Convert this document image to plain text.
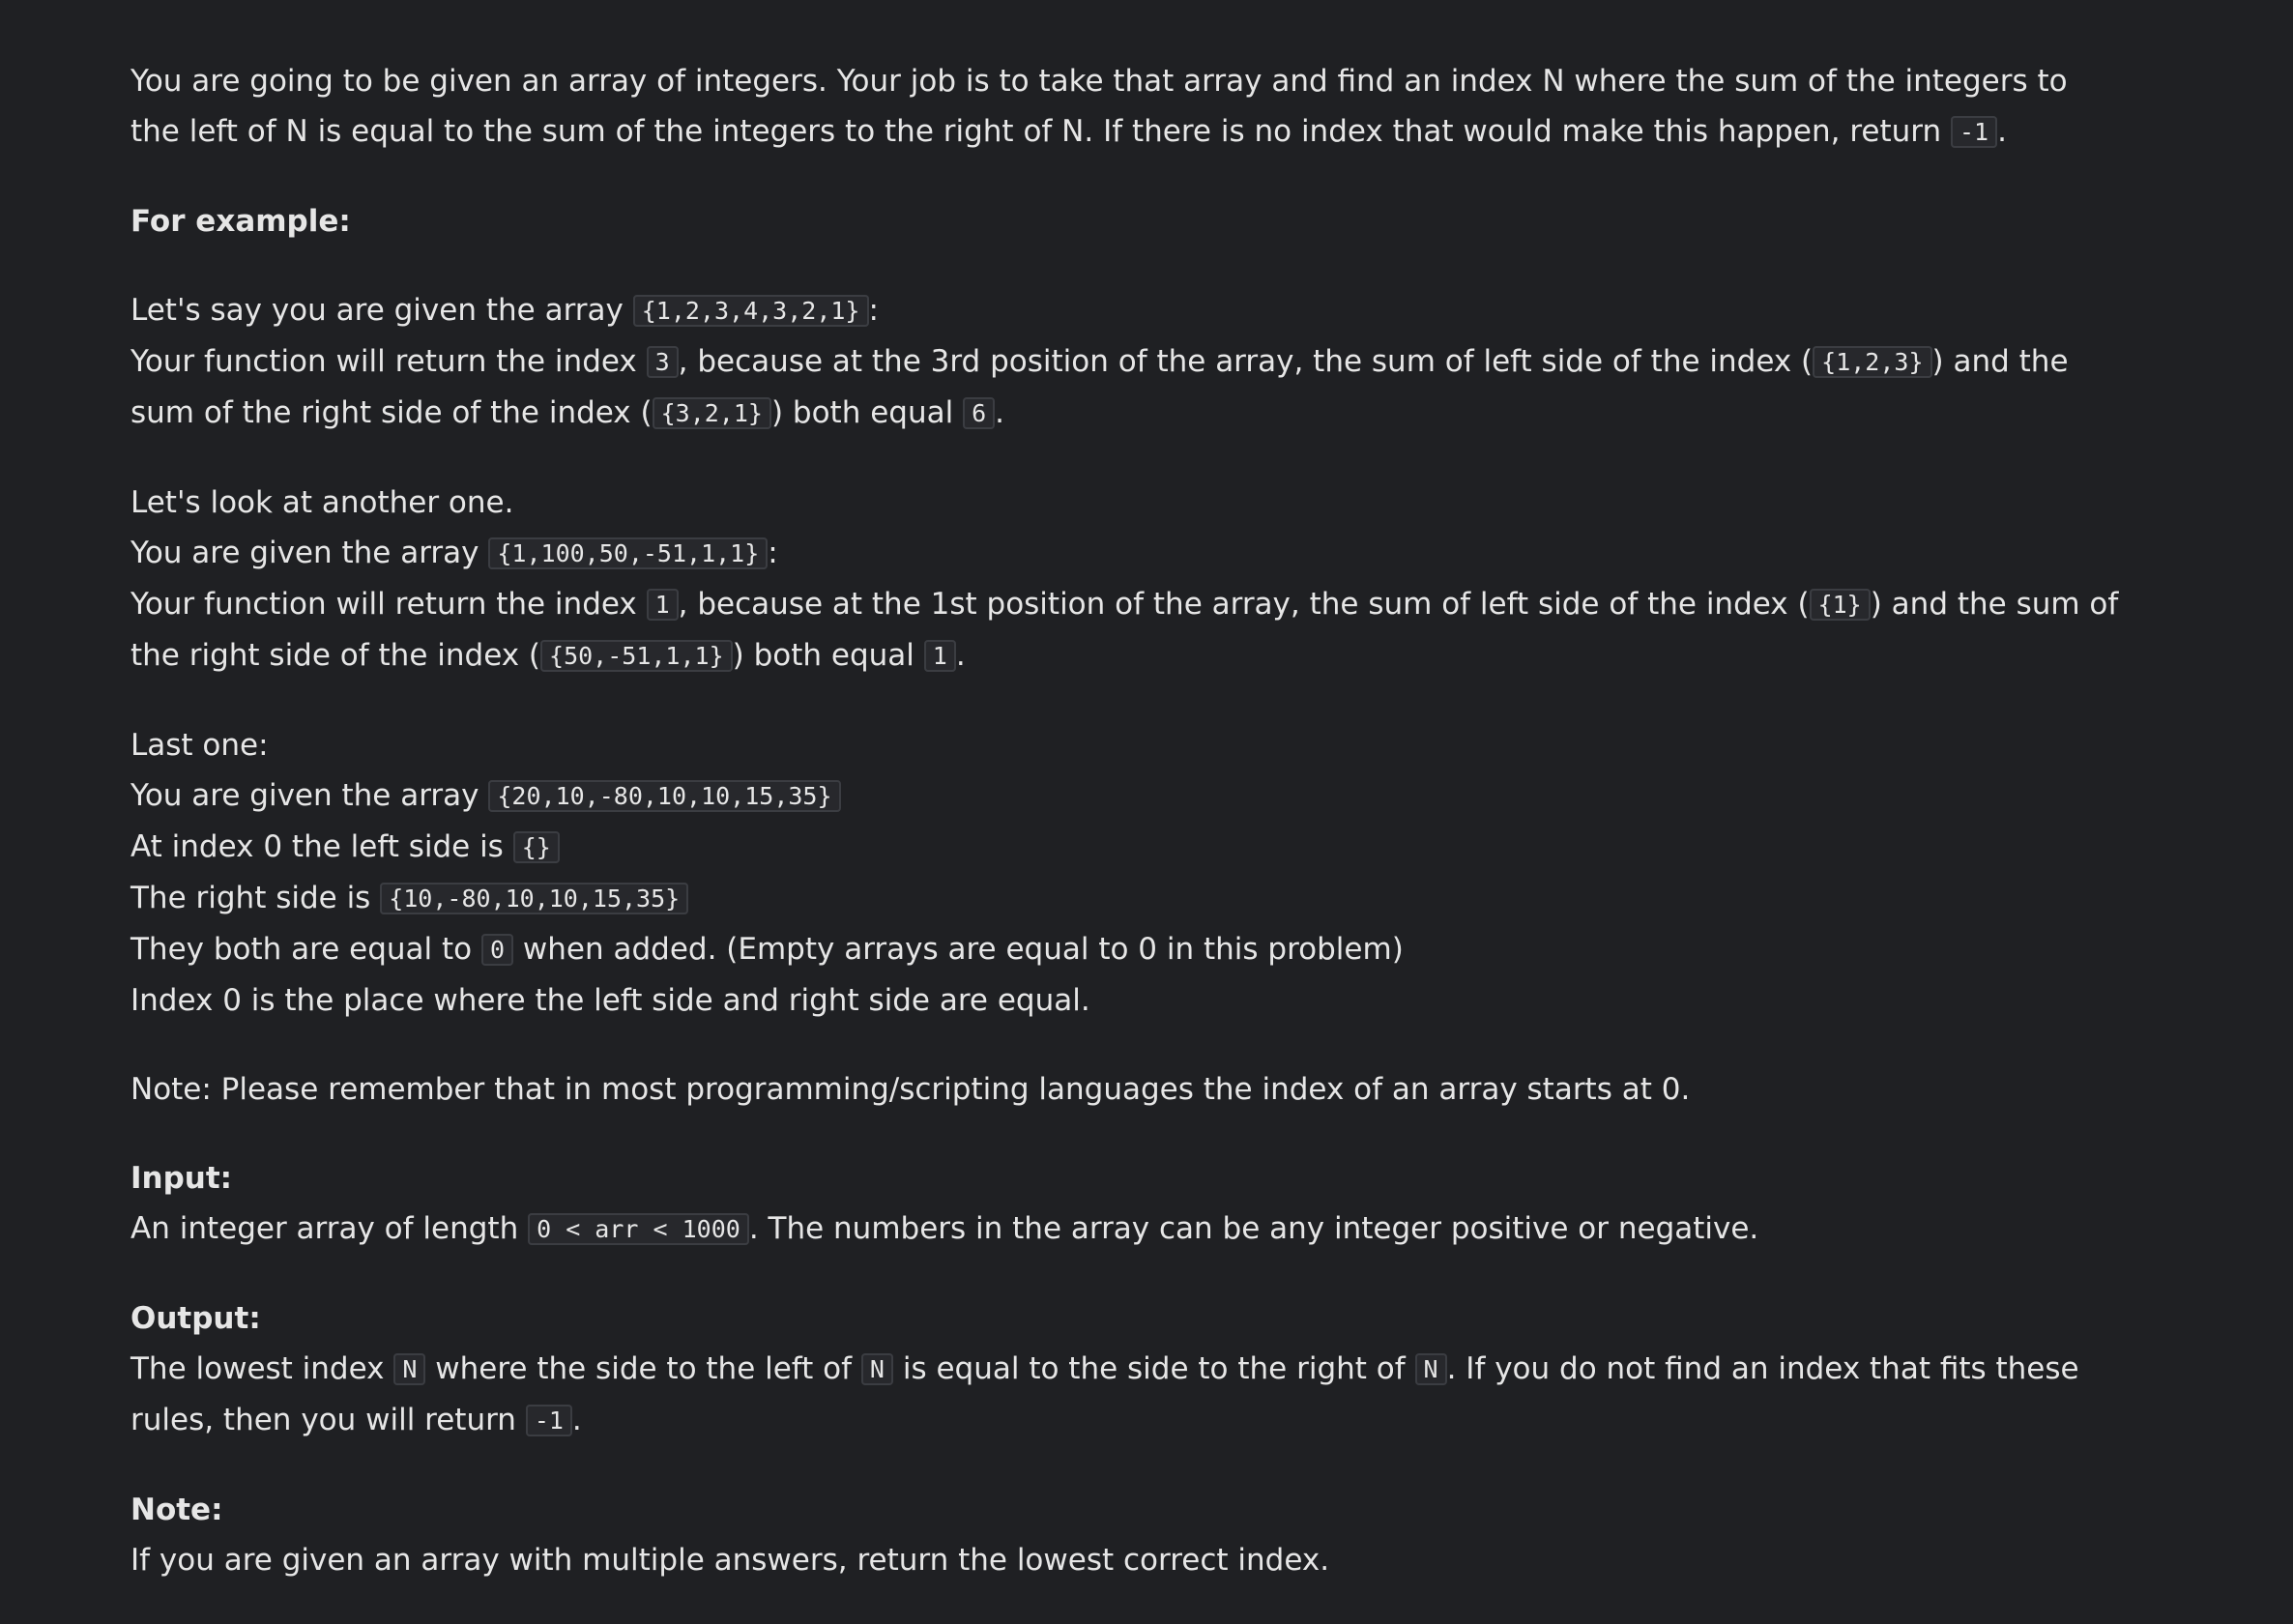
You are going to be given an array of integers. Your job is to take that array and find an index N where the sum of the integers to the left of N is equal to the sum of the integers to the right of N. If there is no index that would make this happen, return -1 .

For example:

Let's say you are given the array {1,2,3,4,3,2,1} :
Your function will return the index 3 , because at the 3rd position of the array, the sum of left side of the index ( {1,2,3} ) and the sum of the right side of the index ( {3,2,1} ) both equal 6 .

Let's look at another one.
You are given the array {1,100,50,-51,1,1} :
Your function will return the index 1 , because at the 1st position of the array, the sum of left side of the index ( {1} ) and the sum of the right side of the index ( {50,-51,1,1} ) both equal 1 .

Last one:
You are given the array {20,10,-80,10,10,15,35}
At index 0 the left side is {}
The right side is {10,-80,10,10,15,35}
They both are equal to 0 when added. (Empty arrays are equal to 0 in this problem)
Index 0 is the place where the left side and right side are equal.

Note: Please remember that in most programming/scripting languages the index of an array starts at 0.

Input:
An integer array of length 0 < arr < 1000 . The numbers in the array can be any integer positive or negative.

Output:
The lowest index N where the side to the left of N is equal to the side to the right of N . If you do not find an index that fits these rules, then you will return -1 .

Note:
If you are given an array with multiple answers, return the lowest correct index.
